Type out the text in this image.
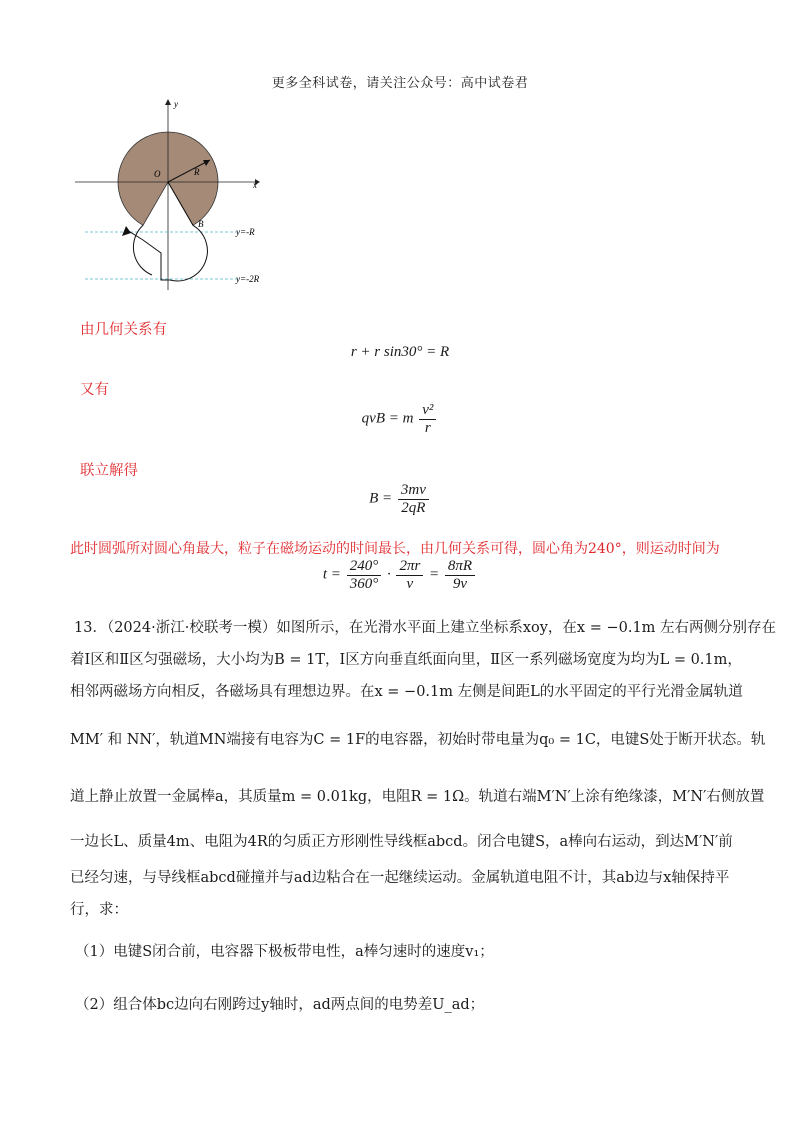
更多全科试卷，请关注公众号：高中试卷君
x
y
O	R
B
y=-R
y=-2R
由几何关系有
r + r sin30° = R
又有
qvB = m $\frac{\text{v²}}{r}$
联立解得
$B = \frac{3mv}{2qR}$
此时圆弧所对圆心角最大，粒子在磁场运动的时间最长，由几何关系可得，圆心角为240°，则运动时间为
$t = \frac{240^\circ}{360^\circ} \cdot \frac{2\pi r}{v} = \frac{8\pi R}{9v}$
13．（2024·浙江·校联考一模）如图所示，在光滑水平面上建立坐标系xoy，在x = −0.1m 左右两侧分别存在
着Ⅰ区和Ⅱ区匀强磁场，大小均为B = 1T，Ⅰ区方向垂直纸面向里，Ⅱ区一系列磁场宽度为均为L = 0.1m，
相邻两磁场方向相反，各磁场具有理想边界。在x = −0.1m 左侧是间距L的水平固定的平行光滑金属轨道
MM′ 和 NN′，轨道MN端接有电容为C = 1F的电容器，初始时带电量为q₀ = 1C，电键S处于断开状态。轨
道上静止放置一金属棒a，其质量m = 0.01kg，电阻R = 1Ω。轨道右端M′N′上涂有绝缘漆，M′N′右侧放置
一边长L、质量4m、电阻为4R的匀质正方形刚性导线框abcd。闭合电键S，a棒向右运动，到达M′N′前
已经匀速，与导线框abcd碰撞并与ad边粘合在一起继续运动。金属轨道电阻不计，其ab边与x轴保持平
行，求：
（1）电键S闭合前，电容器下极板带电性，a棒匀速时的速度v₁；
（2）组合体bc边向右刚跨过y轴时，ad两点间的电势差U_ad；
